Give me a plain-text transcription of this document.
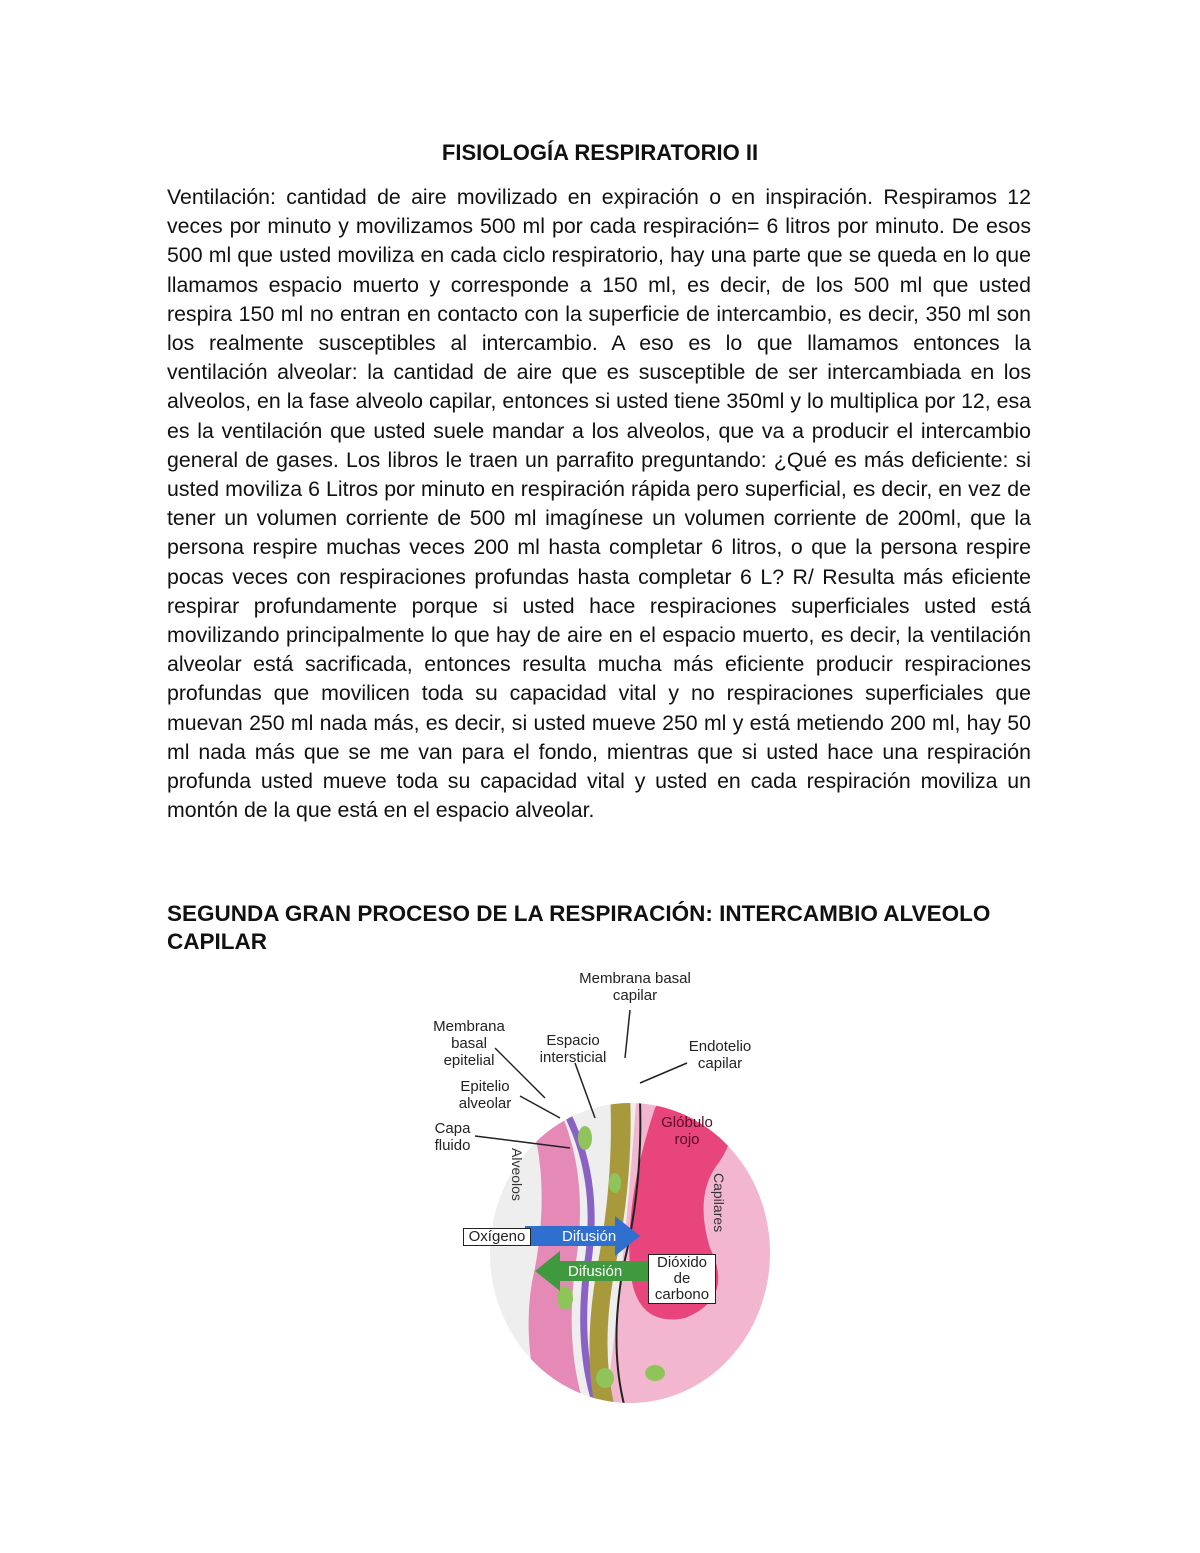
FISIOLOGÍA RESPIRATORIO II

Ventilación: cantidad de aire movilizado en expiración o en inspiración. Respiramos 12 veces por minuto y movilizamos 500 ml por cada respiración= 6 litros por minuto. De esos 500 ml que usted moviliza en cada ciclo respiratorio, hay una parte que se queda en lo que llamamos espacio muerto y corresponde a 150 ml, es decir, de los 500 ml que usted respira 150 ml no entran en contacto con la superficie de intercambio, es decir, 350 ml son los realmente susceptibles al intercambio. A eso es lo que llamamos entonces la ventilación alveolar: la cantidad de aire que es susceptible de ser intercambiada en los alveolos, en la fase alveolo capilar, entonces si usted tiene 350ml y lo multiplica por 12, esa es la ventilación que usted suele mandar a los alveolos, que va a producir el intercambio general de gases. Los libros le traen un parrafito preguntando: ¿Qué es más deficiente: si usted moviliza 6 Litros por minuto en respiración rápida pero superficial, es decir, en vez de tener un volumen corriente de 500 ml imagínese un volumen corriente de 200ml, que la persona respire muchas veces 200 ml hasta completar 6 litros, o que la persona respire pocas veces con respiraciones profundas hasta completar 6 L? R/ Resulta más eficiente respirar profundamente porque si usted hace respiraciones superficiales usted está movilizando principalmente lo que hay de aire en el espacio muerto, es decir, la ventilación alveolar está sacrificada, entonces resulta mucha más eficiente producir respiraciones profundas que movilicen toda su capacidad vital y no respiraciones superficiales que muevan 250 ml nada más, es decir, si usted mueve 250 ml y está metiendo 200 ml, hay 50 ml nada más que se me van para el fondo, mientras que si usted hace una respiración profunda usted mueve toda su capacidad vital y usted en cada respiración moviliza un montón de la que está en el espacio alveolar.

SEGUNDA GRAN PROCESO DE LA RESPIRACIÓN: INTERCAMBIO ALVEOLO CAPILAR
Membrana basal capilar
Membrana basal epitelial
Espacio intersticial
Endotelio capilar
Epitelio alveolar
Capa fluido
Glóbulo rojo
Alveolos	Capilares
Oxígeno	Difusión
Difusión
Dióxido de carbono
